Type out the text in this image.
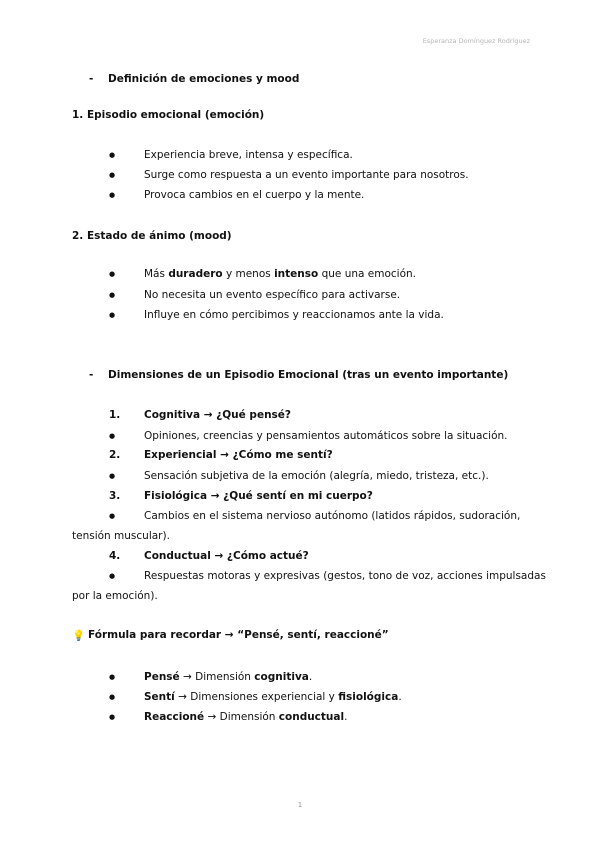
Esperanza Domínguez Rodríguez
- Definición de emociones y mood
1. Episodio emocional (emoción)
●	Experiencia breve, intensa y específica.
●	Surge como respuesta a un evento importante para nosotros.
●	Provoca cambios en el cuerpo y la mente.
2. Estado de ánimo (mood)
●	Más duradero y menos intenso que una emoción.
●	No necesita un evento específico para activarse.
●	Influye en cómo percibimos y reaccionamos ante la vida.
- Dimensiones de un Episodio Emocional (tras un evento importante)
1. Cognitiva → ¿Qué pensé?
●	Opiniones, creencias y pensamientos automáticos sobre la situación.
2. Experiencial → ¿Cómo me sentí?
●	Sensación subjetiva de la emoción (alegría, miedo, tristeza, etc.).
3. Fisiológica → ¿Qué sentí en mi cuerpo?
●	Cambios en el sistema nervioso autónomo (latidos rápidos, sudoración,
tensión muscular).
4. Conductual → ¿Cómo actué?
●	Respuestas motoras y expresivas (gestos, tono de voz, acciones impulsadas
por la emoción).
💡 Fórmula para recordar → “Pensé, sentí, reaccioné”
●	Pensé → Dimensión cognitiva.
●	Sentí → Dimensiones experiencial y fisiológica.
●	Reaccioné → Dimensión conductual.
1
